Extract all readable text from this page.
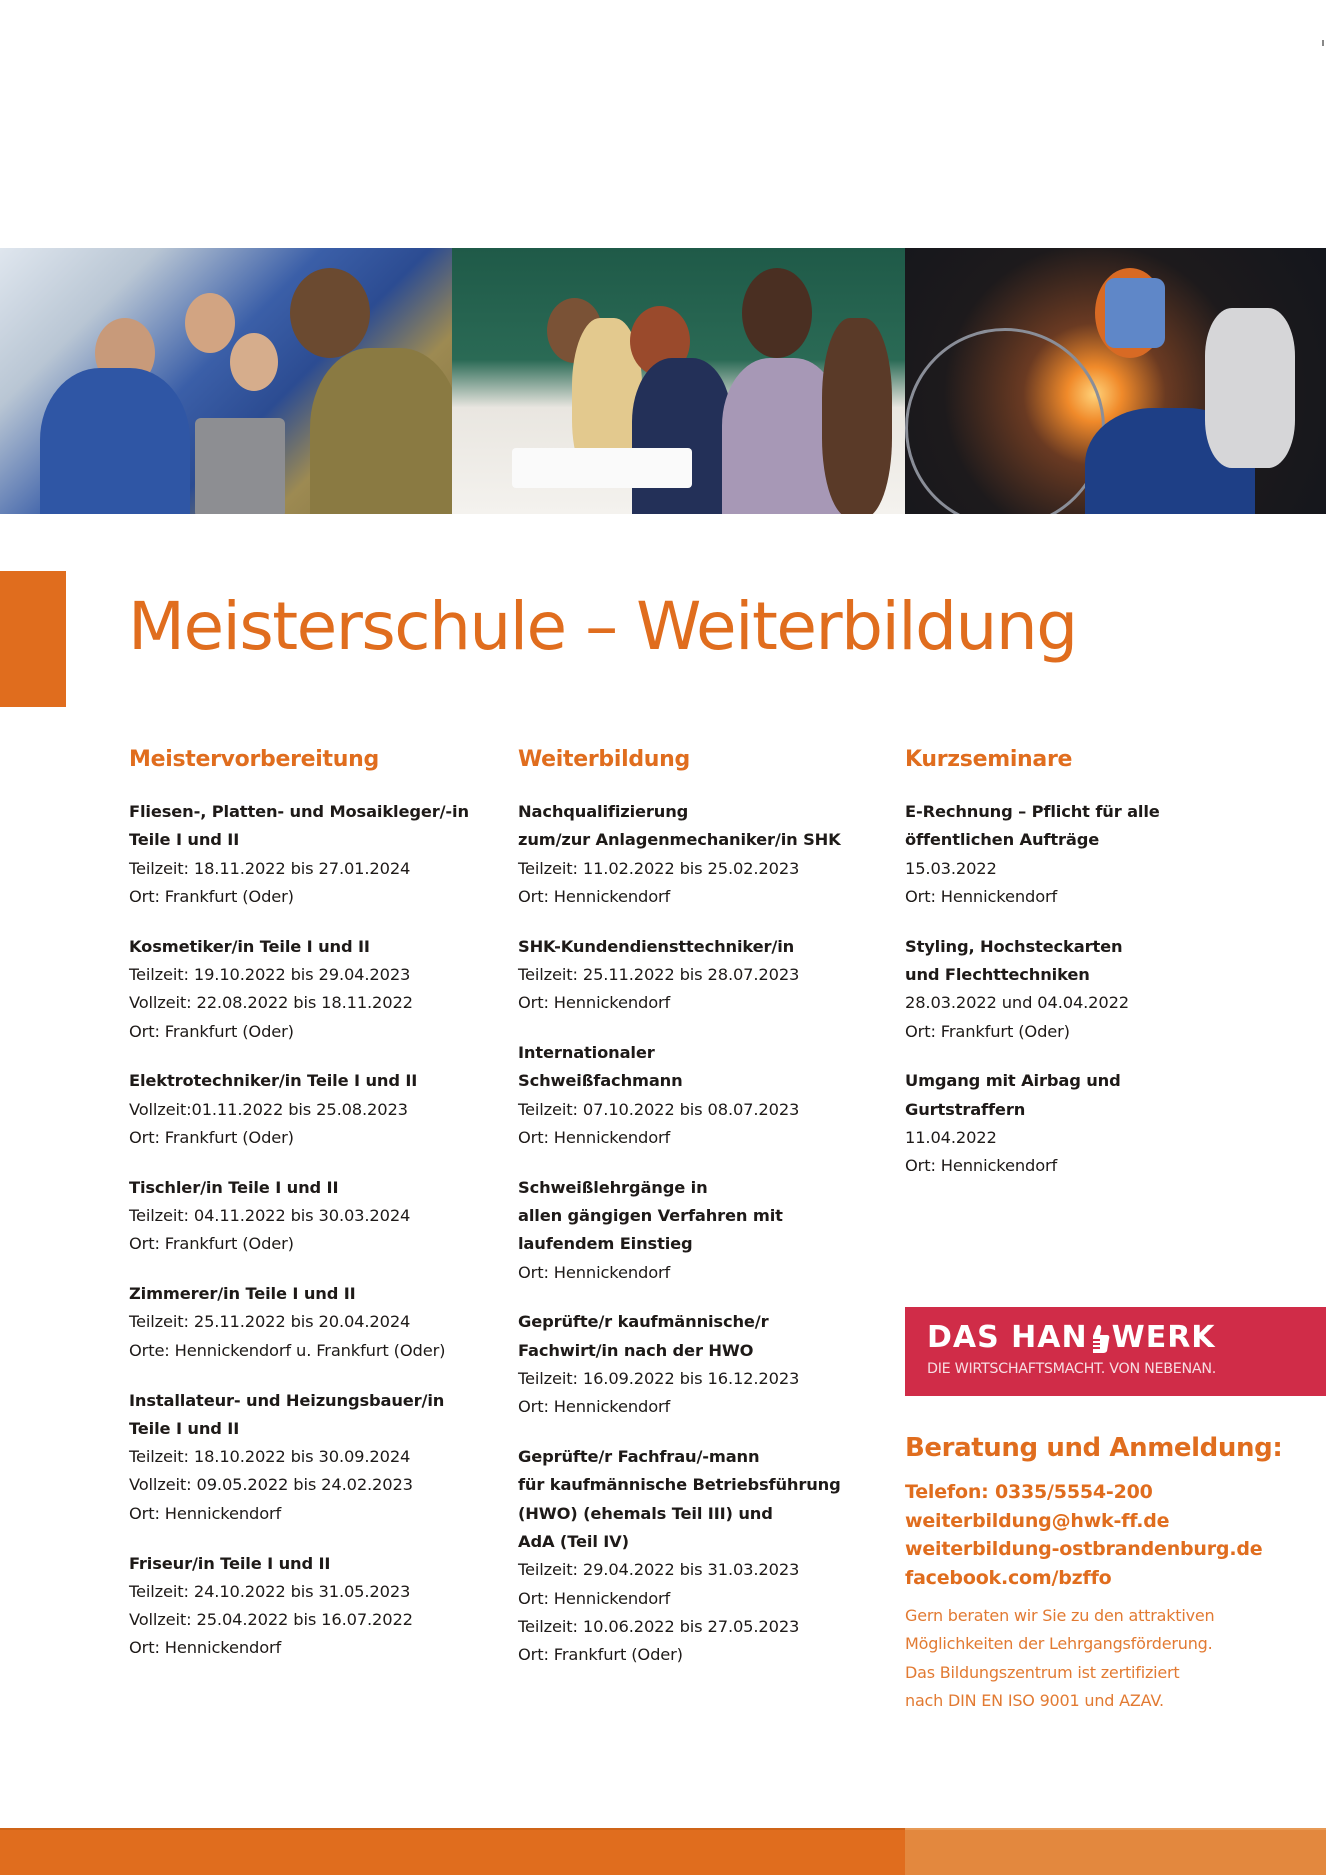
Meisterschule – Weiterbildung
Meistervorbereitung
Fliesen-, Platten- und Mosaikleger/-in
Teile I und II
Teilzeit: 18.11.2022 bis 27.01.2024
Ort: Frankfurt (Oder)
Kosmetiker/in Teile I und II
Teilzeit: 19.10.2022 bis 29.04.2023
Vollzeit: 22.08.2022 bis 18.11.2022
Ort: Frankfurt (Oder)
Elektrotechniker/in Teile I und II
Vollzeit:01.11.2022 bis 25.08.2023
Ort: Frankfurt (Oder)
Tischler/in Teile I und II
Teilzeit: 04.11.2022 bis 30.03.2024
Ort: Frankfurt (Oder)
Zimmerer/in Teile I und II
Teilzeit: 25.11.2022 bis 20.04.2024
Orte: Hennickendorf u. Frankfurt (Oder)
Installateur- und Heizungsbauer/in
Teile I und II
Teilzeit: 18.10.2022 bis 30.09.2024
Vollzeit: 09.05.2022 bis 24.02.2023
Ort: Hennickendorf
Friseur/in Teile I und II
Teilzeit: 24.10.2022 bis 31.05.2023
Vollzeit: 25.04.2022 bis 16.07.2022
Ort: Hennickendorf
Weiterbildung
Nachqualifizierung
zum/zur Anlagenmechaniker/in SHK
Teilzeit: 11.02.2022 bis 25.02.2023
Ort: Hennickendorf
SHK-Kundendiensttechniker/in
Teilzeit: 25.11.2022 bis 28.07.2023
Ort: Hennickendorf
Internationaler
Schweißfachmann
Teilzeit: 07.10.2022 bis 08.07.2023
Ort: Hennickendorf
Schweißlehrgänge in
allen gängigen Verfahren mit
laufendem Einstieg
Ort: Hennickendorf
Geprüfte/r kaufmännische/r
Fachwirt/in nach der HWO
Teilzeit: 16.09.2022 bis 16.12.2023
Ort: Hennickendorf
Geprüfte/r Fachfrau/-mann
für kaufmännische Betriebsführung
(HWO) (ehemals Teil III) und
AdA (Teil IV)
Teilzeit: 29.04.2022 bis 31.03.2023
Ort: Hennickendorf
Teilzeit: 10.06.2022 bis 27.05.2023
Ort: Frankfurt (Oder)
Kurzseminare
E-Rechnung – Pflicht für alle
öffentlichen Aufträge
15.03.2022
Ort: Hennickendorf
Styling, Hochsteckarten
und Flechttechniken
28.03.2022 und 04.04.2022
Ort: Frankfurt (Oder)
Umgang mit Airbag und
Gurtstraffern
11.04.2022
Ort: Hennickendorf
DAS HAN WERK
DIE WIRTSCHAFTSMACHT. VON NEBENAN.
Beratung und Anmeldung:
Telefon: 0335/5554-200
weiterbildung@hwk-ff.de
weiterbildung-ostbrandenburg.de
facebook.com/bzffo
Gern beraten wir Sie zu den attraktiven
Möglichkeiten der Lehrgangsförderung.
Das Bildungszentrum ist zertifiziert
nach DIN EN ISO 9001 und AZAV.
